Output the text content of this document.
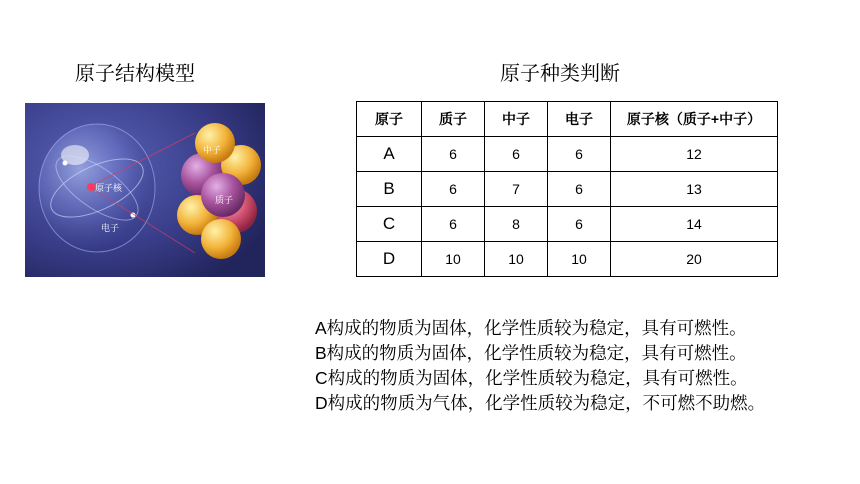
原子结构模型	原子种类判断
原子核
电子
中子
质子
原子	质子	中子	电子	原子核（质子+中子）
A	6	6	6	12
B	6	7	6	13
C	6	8	6	14
D	10	10	10	20
A构成的物质为固体，化学性质较为稳定，具有可燃性。
B构成的物质为固体，化学性质较为稳定，具有可燃性。
C构成的物质为固体，化学性质较为稳定，具有可燃性。
D构成的物质为气体，化学性质较为稳定，不可燃不助燃。
